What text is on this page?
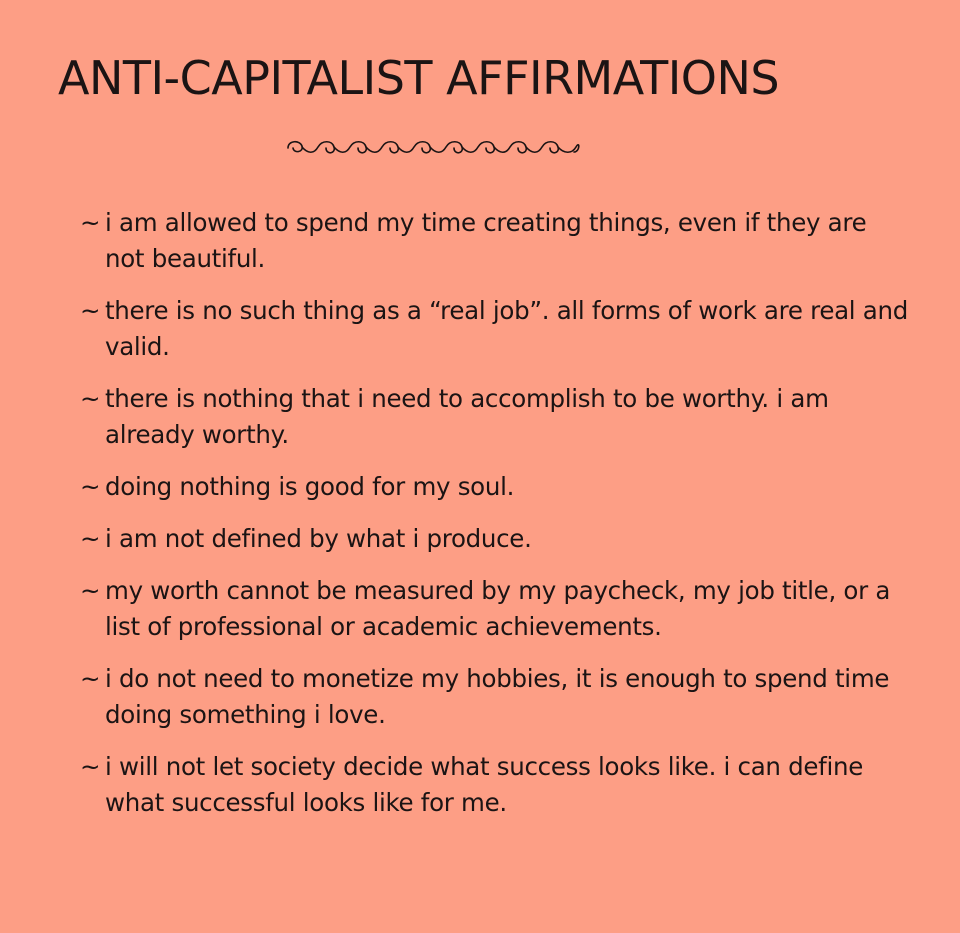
ANTI-CAPITALIST AFFIRMATIONS
~ i am allowed to spend my time creating things, even if they are not beautiful.
~ there is no such thing as a “real job”. all forms of work are real and valid.
~ there is nothing that i need to accomplish to be worthy. i am already worthy.
~ doing nothing is good for my soul.
~ i am not defined by what i produce.
~ my worth cannot be measured by my paycheck, my job title, or a list of professional or academic achievements.
~ i do not need to monetize my hobbies, it is enough to spend time doing something i love.
~ i will not let society decide what success looks like. i can define what successful looks like for me.
